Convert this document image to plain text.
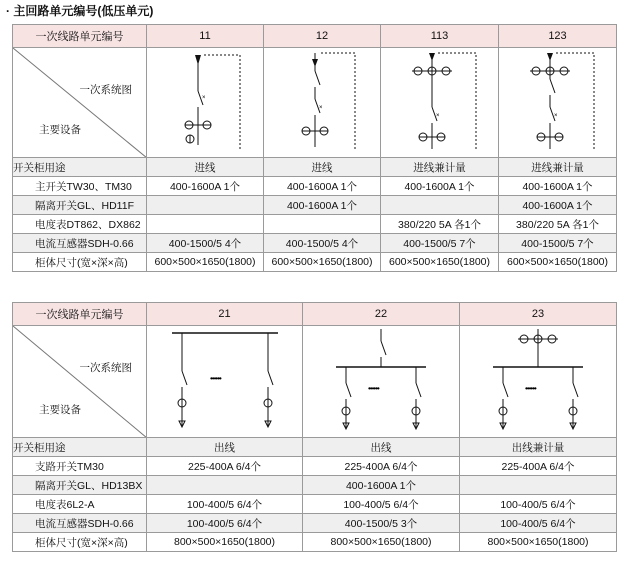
· 主回路单元编号(低压单元)
一次线路单元编号	11	12	113	123

一次系统图
主要设备	×	×	×	×

开关柜用途	进线	进线	进线兼计量	进线兼计量
主开关TW30、TM30	400-1600A 1个	400-1600A 1个	400-1600A 1个	400-1600A 1个
隔离开关GL、HD11F		400-1600A 1个		400-1600A 1个
电度表DT862、DX862			380/220 5A 各1个	380/220 5A 各1个
电流互感器SDH-0.66	400-1500/5 4个	400-1500/5 4个	400-1500/5 7个	400-1500/5 7个
柜体尺寸(宽×深×高)	600×500×1650(1800)	600×500×1650(1800)	600×500×1650(1800)	600×500×1650(1800)
一次线路单元编号	21	22	23

一次系统图
主要设备	••••••	••••••	••••••

开关柜用途	出线	出线	出线兼计量
支路开关TM30	225-400A 6/4个	225-400A 6/4个	225-400A 6/4个
隔离开关GL、HD13BX		400-1600A 1个	
电度表6L2-A	100-400/5 6/4个	100-400/5 6/4个	100-400/5 6/4个
电流互感器SDH-0.66	100-400/5 6/4个	400-1500/5 3个	100-400/5 6/4个
柜体尺寸(宽×深×高)	800×500×1650(1800)	800×500×1650(1800)	800×500×1650(1800)
